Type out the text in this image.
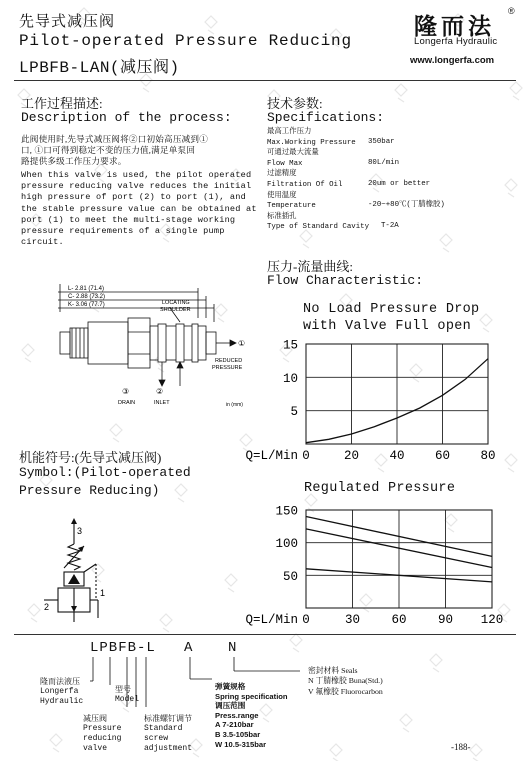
先导式减压阀
Pilot-operated Pressure Reducing
LPBFB-LAN(减压阀)
隆而法
®
Longerfa Hydraulic
www.longerfa.com
工作过程描述:
Description of the process:
此阀使用时,先导式减压阀将②口初始高压减到①
口, ①口可得到稳定不变的压力值,满足单泵回
路提供多级工作压力要求。
When this valve is used, the pilot operated
pressure reducing valve reduces the initial
high pressure of port (2) to port (1), and
the stable pressure value can be obtained at
port (1) to meet the multi-stage working
pressure requirements of a single pump
circuit.
L- 2.81 (71.4)
C- 2.88 (73.2)
K- 3.06 (77.7)	LOCATING
SHOULDER
①
REDUCED
PRESSURE
③	②
DRAIN	INLET	in (mm)
技术参数:
Specifications:
最高工作压力
Max.Working Pressure 350bar
可通过最大流量
Flow Max	80L/min
过滤精度
Filtration Of Oil	20um or better
使用温度
Temperature	-20~+80℃(丁腈橡胶)
标准插孔
Type of Standard Cavity T-2A
压力-流量曲线:
Flow Characteristic:
No Load Pressure Drop
with Valve Full open
0	20 40 60 80
5
10
15
Q=L/Min
Regulated Pressure
0	30	60	90 120
50
100
150
Q=L/Min
机能符号:(先导式减压阀)
Symbol:(Pilot-operated
Pressure Reducing)
3
2
1
LPBFB-L A N
隆而法液压
Longerfa
Hydraulic
型号
Model
减压阀
Pressure
reducing
valve
标准螺钉调节
Standard
screw
adjustment
弹簧规格
Spring specification
调压范围
Press.range
A 7-210bar
B 3.5-105bar
W 10.5-315bar
密封材料 Seals
N 丁腈橡胶 Buna(Std.)
V 氟橡胶 Fluorocarbon
-188-
